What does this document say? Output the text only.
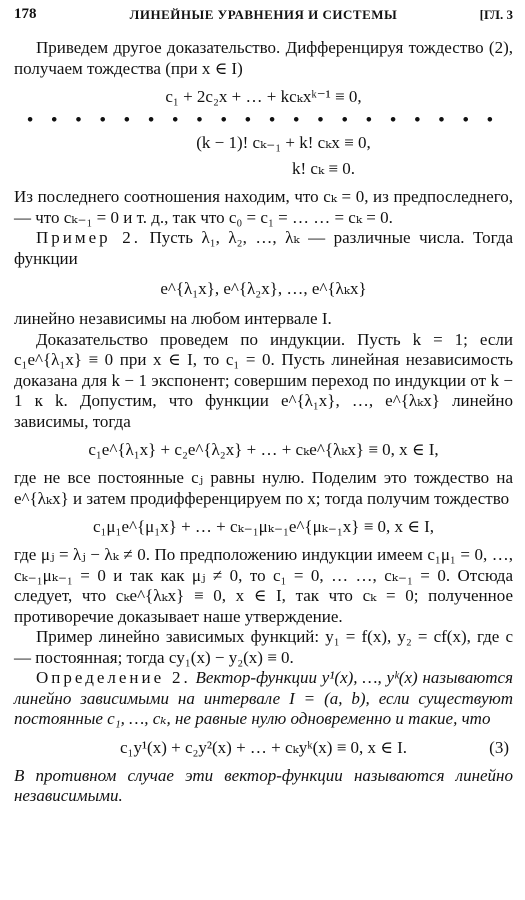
178	ЛИНЕЙНЫЕ УРАВНЕНИЯ И СИСТЕМЫ	[ГЛ. 3
Приведем другое доказательство. Дифференцируя тождество (2), получаем тождества (при x ∈ I)
c₁ + 2c₂x + … + kcₖxᵏ⁻¹ ≡ 0,
• • • • • • • • • • • • • • • • • • • •
(k − 1)! cₖ₋₁ + k! cₖx ≡ 0,
k! cₖ ≡ 0.
Из последнего соотношения находим, что cₖ = 0, из предпоследнего,— что cₖ₋₁ = 0 и т. д., так что c₀ = c₁ = … … = cₖ = 0.
Пример 2. Пусть λ₁, λ₂, …, λₖ — различные числа. Тогда функции
e^{λ₁x}, e^{λ₂x}, …, e^{λₖx}
линейно независимы на любом интервале I.
Доказательство проведем по индукции. Пусть k = 1; если c₁e^{λ₁x} ≡ 0 при x ∈ I, то c₁ = 0. Пусть линейная независимость доказана для k − 1 экспонент; совершим переход по индукции от k − 1 к k. Допустим, что функции e^{λ₁x}, …, e^{λₖx} линейно зависимы, тогда
c₁e^{λ₁x} + c₂e^{λ₂x} + … + cₖe^{λₖx} ≡ 0, x ∈ I,
где не все постоянные cⱼ равны нулю. Поделим это тождество на e^{λₖx} и затем продифференцируем по x; тогда получим тождество
c₁μ₁e^{μ₁x} + … + cₖ₋₁μₖ₋₁e^{μₖ₋₁x} ≡ 0, x ∈ I,
где μⱼ = λⱼ − λₖ ≠ 0. По предположению индукции имеем c₁μ₁ = 0, …, cₖ₋₁μₖ₋₁ = 0 и так как μⱼ ≠ 0, то c₁ = 0, … …, cₖ₋₁ = 0. Отсюда следует, что cₖe^{λₖx} ≡ 0, x ∈ I, так что cₖ = 0; полученное противоречие доказывает наше утверждение.
Пример линейно зависимых функций: y₁ = f(x), y₂ = cf(x), где c — постоянная; тогда cy₁(x) − y₂(x) ≡ 0.
Определение 2. Вектор-функции y¹(x), …, yᵏ(x) называются линейно зависимыми на интервале I = (a, b), если существуют постоянные c₁, …, cₖ, не равные нулю одновременно и такие, что
c₁y¹(x) + c₂y²(x) + … + cₖyᵏ(x) ≡ 0, x ∈ I.	(3)
В противном случае эти вектор-функции называются линейно независимыми.
